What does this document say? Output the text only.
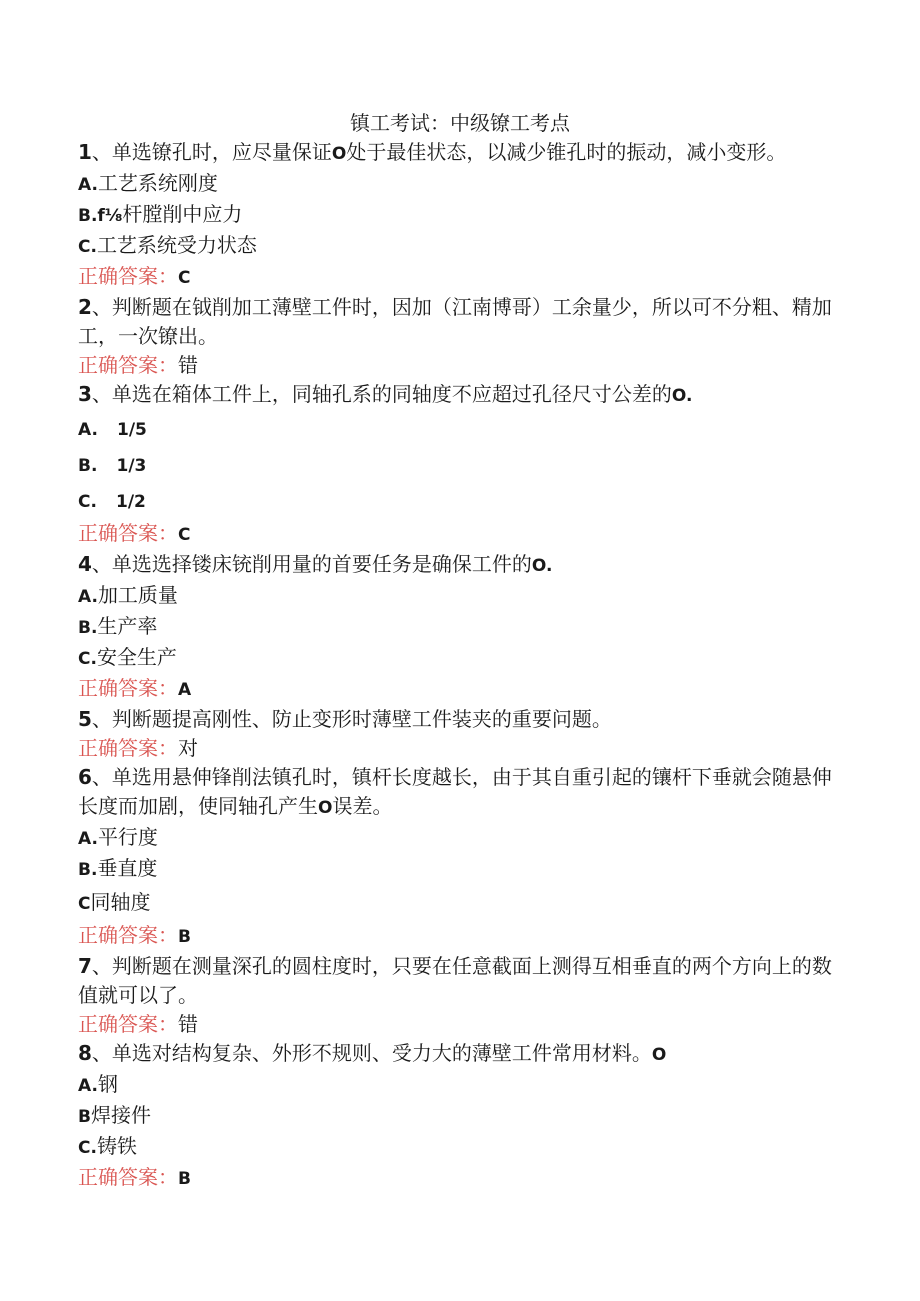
镇工考试：中级镣工考点

1、单选镣孔时，应尽量保证O处于最佳状态，以减少锥孔时的振动，减小变形。

A.工艺系统刚度

B.f⅛杆膛削中应力

C.工艺系统受力状态

正确答案：C

2、判断题在钺削加工薄壁工件时，因加（江南博哥）工余量少，所以可不分粗、精加工，一次镣出。

正确答案：错

3、单选在箱体工件上，同轴孔系的同轴度不应超过孔径尺寸公差的O.

A. 1/5

B. 1/3

C. 1/2

正确答案：C

4、单选选择镂床铳削用量的首要任务是确保工件的O.

A.加工质量

B.生产率

C.安全生产

正确答案：A

5、判断题提高刚性、防止变形时薄壁工件装夹的重要问题。

正确答案：对

6、单选用悬伸锋削法镇孔时，镇杆长度越长，由于其自重引起的镶杆下垂就会随悬伸长度而加剧，使同轴孔产生O误差。

A.平行度

B.垂直度

C同轴度

正确答案：B

7、判断题在测量深孔的圆柱度时，只要在任意截面上测得互相垂直的两个方向上的数值就可以了。

正确答案：错

8、单选对结构复杂、外形不规则、受力大的薄壁工件常用材料。O

A.钢

B焊接件

C.铸铁

正确答案：B
